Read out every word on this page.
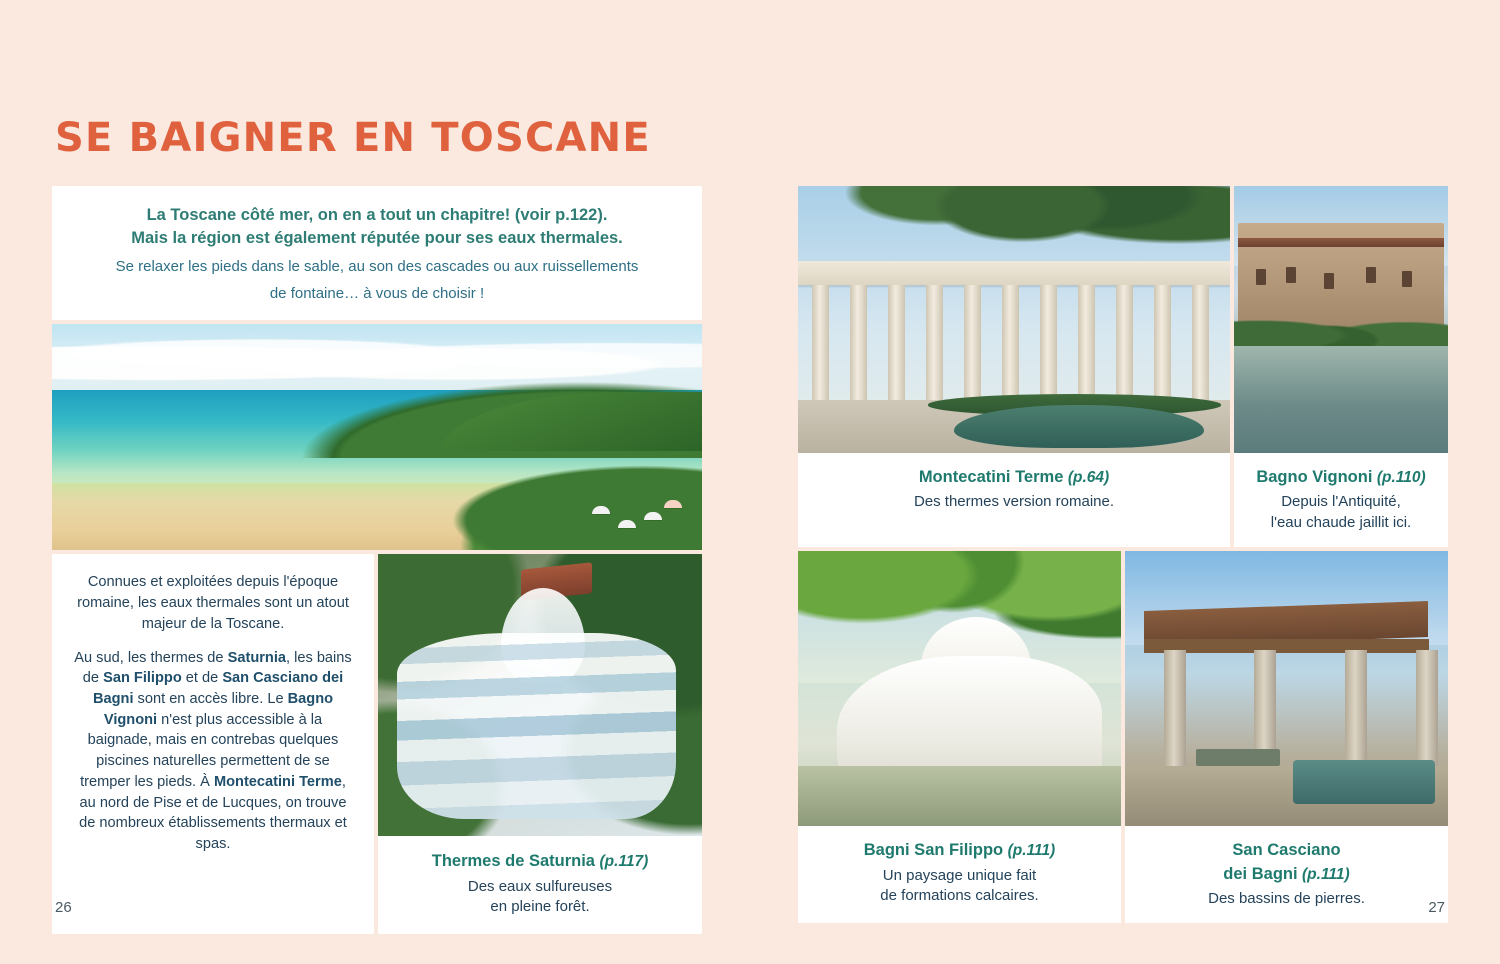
SE BAIGNER EN TOSCANE
La Toscane côté mer, on en a tout un chapitre! (voir p.122).
Mais la région est également réputée pour ses eaux thermales.
Se relaxer les pieds dans le sable, au son des cascades ou aux ruissellements
de fontaine… à vous de choisir !

Connues et exploitées depuis l'époque romaine, les eaux thermales sont un atout majeur de la Toscane.

Au sud, les thermes de Saturnia, les bains de San Filippo et de San Casciano dei Bagni sont en accès libre. Le Bagno Vignoni n'est plus accessible à la baignade, mais en contrebas quelques piscines naturelles permettent de se tremper les pieds. À Montecatini Terme, au nord de Pise et de Lucques, on trouve de nombreux établissements thermaux et spas.

Thermes de Saturnia (p.117)
Des eaux sulfureuses
en pleine forêt.
Montecatini Terme (p.64)
Des thermes version romaine.
Bagno Vignoni (p.110)
Depuis l'Antiquité,
l'eau chaude jaillit ici.
Bagni San Filippo (p.111)
Un paysage unique fait
de formations calcaires.
San Casciano
dei Bagni (p.111)
Des bassins de pierres.
26	27
